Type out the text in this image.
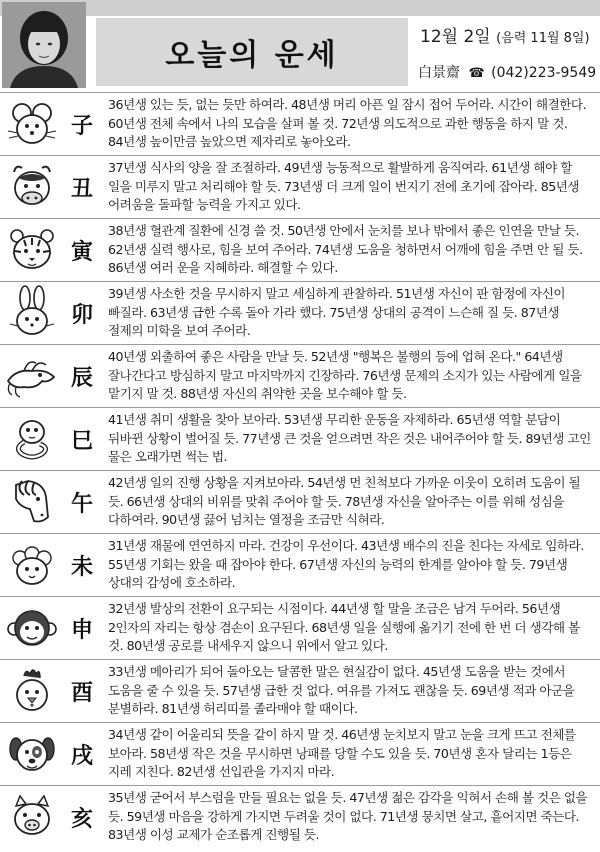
오늘의 운세
12월 2일 (음력 11월 8일)
白景齋 ☎ (042)223-9549
子
36년생 있는 듯, 없는 듯만 하여라. 48년생 머리 아픈 일 잠시 접어 두어라. 시간이 해결한다. 60년생 전체 속에서 나의 모습을 살펴 볼 것. 72년생 의도적으로 과한 행동을 하지 말 것. 84년생 높이만큼 높았으면 제자리로 놓아오라.
丑
37년생 식사의 양을 잘 조절하라. 49년생 능동적으로 활발하게 움직여라. 61년생 해야 할 일을 미루지 말고 처리해야 할 듯. 73년생 더 크게 일이 번지기 전에 초기에 잡아라. 85년생 어려움을 돌파할 능력을 가지고 있다.
寅
38년생 혈관계 질환에 신경 쓸 것. 50년생 안에서 눈치를 보나 밖에서 좋은 인연을 만날 듯. 62년생 실력 행사로, 힘을 보여 주어라. 74년생 도움을 청하면서 어깨에 힘을 주면 안 될 듯. 86년생 여러 운을 지혜하라. 해결할 수 있다.
卯
39년생 사소한 것을 무시하지 말고 세심하게 관찰하라. 51년생 자신이 판 함정에 자신이 빠질라. 63년생 급한 수록 돌아 가라 했다. 75년생 상대의 공격이 느슨해 질 듯. 87년생 절제의 미학을 보여 주어라.
辰
40년생 외출하여 좋은 사람을 만날 듯. 52년생 "행복은 불행의 등에 업혀 온다." 64년생 잘나간다고 방심하지 말고 마지막까지 긴장하라. 76년생 문제의 소지가 있는 사람에게 일을 맡기지 말 것. 88년생 자신의 취약한 곳을 보수해야 할 듯.
巳
41년생 취미 생활을 찾아 보아라. 53년생 무리한 운동을 자제하라. 65년생 역할 분담이 뒤바뀐 상황이 벌어질 듯. 77년생 큰 것을 얻으려면 작은 것은 내어주어야 할 듯. 89년생 고인 물은 오래가면 썩는 법.
午
42년생 일의 진행 상황을 지켜보아라. 54년생 먼 친척보다 가까운 이웃이 오히려 도움이 될 듯. 66년생 상대의 비위를 맞춰 주어야 할 듯. 78년생 자신을 알아주는 이를 위해 성심을 다하여라. 90년생 끓어 넘치는 열정을 조금만 식혀라.
未
31년생 재물에 연연하지 마라. 건강이 우선이다. 43년생 배수의 진을 친다는 자세로 임하라. 55년생 기회는 왔을 때 잡아야 한다. 67년생 자신의 능력의 한계를 알아야 할 듯. 79년생 상대의 감성에 호소하라.
申
32년생 발상의 전환이 요구되는 시점이다. 44년생 할 말을 조금은 남겨 두어라. 56년생 2인자의 자리는 항상 겸손이 요구된다. 68년생 일을 실행에 옮기기 전에 한 번 더 생각해 볼 것. 80년생 공로를 내세우지 않으니 위에서 알고 있다.
酉
33년생 메아리가 되어 돌아오는 달콤한 말은 현실감이 없다. 45년생 도움을 받는 것에서 도움을 줄 수 있을 듯. 57년생 급한 것 없다. 여유를 가져도 괜찮을 듯. 69년생 적과 아군을 분별하라. 81년생 허리띠를 졸라매야 할 때이다.
戌
34년생 같이 어울리되 뜻을 같이 하지 말 것. 46년생 눈치보지 말고 눈을 크게 뜨고 전체를 보아라. 58년생 작은 것을 무시하면 낭패를 당할 수도 있을 듯. 70년생 혼자 달리는 1등은 지레 지친다. 82년생 선입관을 가지지 마라.
亥
35년생 굳어서 부스럼을 만들 필요는 없을 듯. 47년생 젊은 감각을 익혀서 손해 볼 것은 없을 듯. 59년생 마음을 강하게 가지면 두려울 것이 없다. 71년생 뭉치면 살고, 흩어지면 죽는다. 83년생 이성 교제가 순조롭게 진행될 듯.
